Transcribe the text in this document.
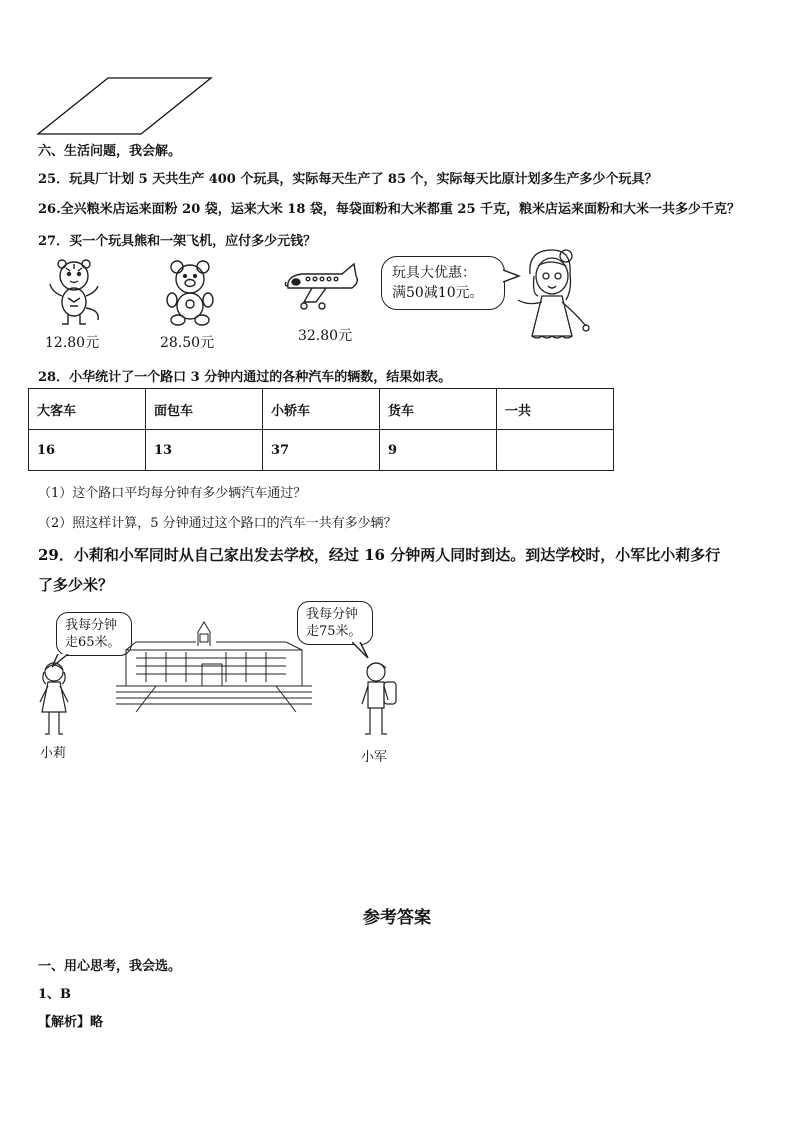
六、生活问题，我会解。
25．玩具厂计划 5 天共生产 400 个玩具，实际每天生产了 85 个，实际每天比原计划多生产多少个玩具？
26.全兴粮米店运来面粉 20 袋，运来大米 18 袋，每袋面粉和大米都重 25 千克，粮米店运来面粉和大米一共多少千克？
27．买一个玩具熊和一架飞机，应付多少元钱？
12.80元	28.50元	32.80元
玩具大优惠：
满50减10元。
28．小华统计了一个路口 3 分钟内通过的各种汽车的辆数，结果如表。
大客车	面包车	小轿车	货车	一共
16	13	37	9	
（1）这个路口平均每分钟有多少辆汽车通过？
（2）照这样计算，5 分钟通过这个路口的汽车一共有多少辆？
29．小莉和小军同时从自己家出发去学校，经过 16 分钟两人同时到达。到达学校时，小军比小莉多行
了多少米？
我每分钟
走65米。
我每分钟
走75米。
小莉	小军
参考答案
一、用心思考，我会选。
1、B
【解析】略
